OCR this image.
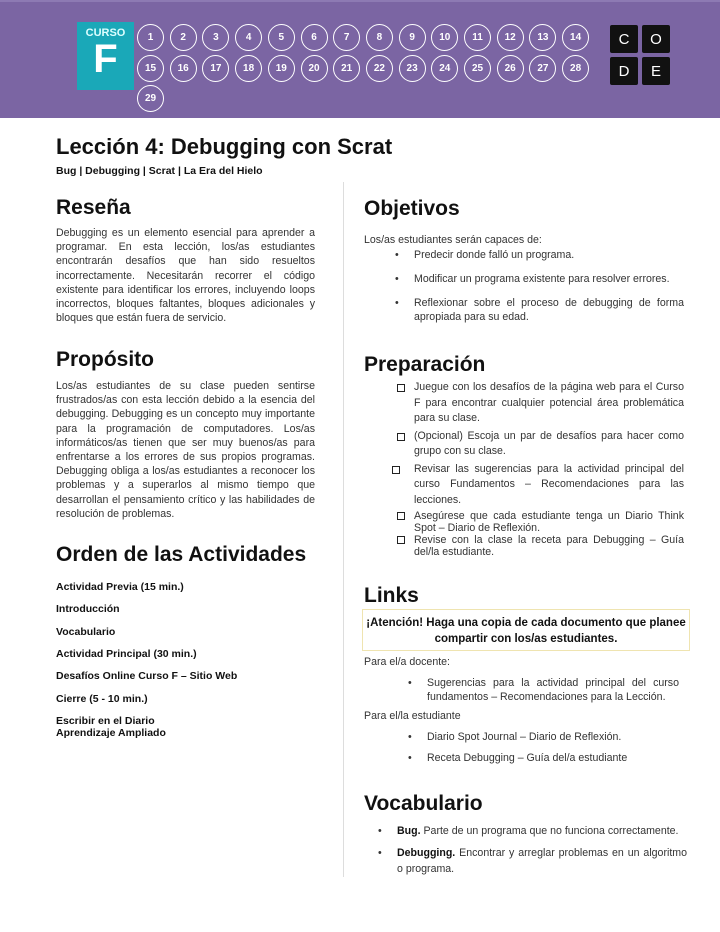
CURSO
F	1	2	3	4	5	6	7	8	9	10	11	12	13	14
15	16	17	18	19	20	21	22	23	24	25	26	27	28
29
C	O
D	E
Lección 4: Debugging con Scrat
Bug | Debugging | Scrat | La Era del Hielo
Reseña
Debugging es un elemento esencial para aprender a programar. En esta lección, los/as estudiantes encontrarán desafíos que han sido resueltos incorrectamente. Necesitarán recorrer el código existente para identificar los errores, incluyendo loops incorrectos, bloques faltantes, bloques adicionales y bloques que están fuera de servicio.
Propósito
Los/as estudiantes de su clase pueden sentirse frustrados/as con esta lección debido a la esencia del debugging. Debugging es un concepto muy importante para la programación de computadores. Los/as informáticos/as tienen que ser muy buenos/as para enfrentarse a los errores de sus propios programas. Debugging obliga a los/as estudiantes a reconocer los problemas y a superarlos al mismo tiempo que desarrollan el pensamiento crítico y las habilidades de resolución de problemas.
Orden de las Actividades
Actividad Previa (15 min.)
Introducción
Vocabulario
Actividad Principal (30 min.)
Desafíos Online Curso F – Sitio Web
Cierre (5 - 10 min.)
Escribir en el Diario
Aprendizaje Ampliado
Objetivos
Los/as estudiantes serán capaces de:
• Predecir donde falló un programa.
• Modificar un programa existente para resolver errores.
• Reflexionar sobre el proceso de debugging de forma apropiada para su edad.
Preparación
Juegue con los desafíos de la página web para el Curso F para encontrar cualquier potencial área problemática para su clase.
(Opcional) Escoja un par de desafíos para hacer como grupo con su clase.
Revisar las sugerencias para la actividad principal del curso Fundamentos – Recomendaciones para las lecciones.
Asegúrese que cada estudiante tenga un Diario Think Spot – Diario de Reflexión.
Revise con la clase la receta para Debugging – Guía del/la estudiante.
Links
¡Atención! Haga una copia de cada documento que planee compartir con los/as estudiantes.
Para el/a docente:
• Sugerencias para la actividad principal del curso fundamentos – Recomendaciones para la Lección.
Para el/la estudiante
• Diario Spot Journal – Diario de Reflexión.
• Receta Debugging – Guía del/a estudiante
Vocabulario
• Bug. Parte de un programa que no funciona correctamente.
• Debugging. Encontrar y arreglar problemas en un algoritmo o programa.
